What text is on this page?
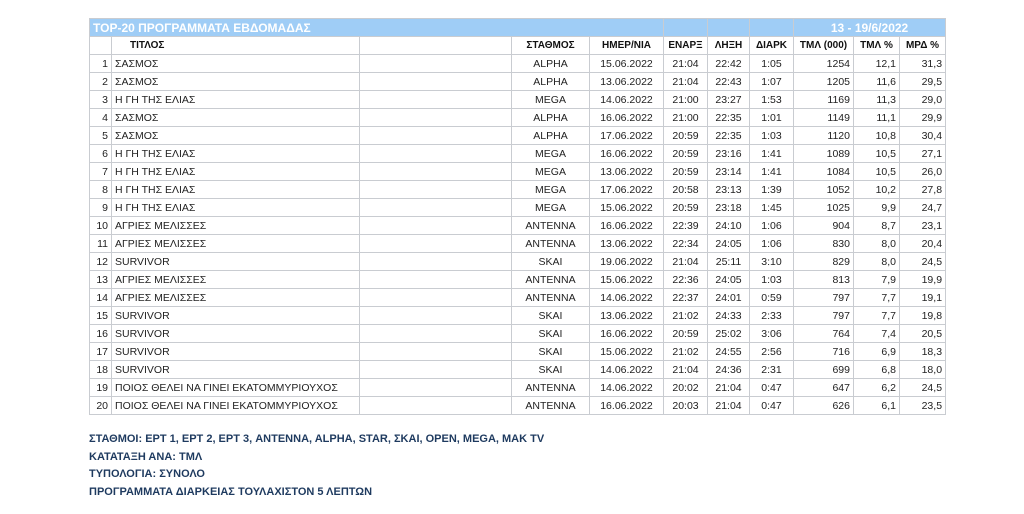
TOP-20 ΠΡΟΓΡΑΜΜΑΤΑ ΕΒΔΟΜΑΔΑΣ								13 - 19/6/2022		
	ΤΙΤΛΟΣ		ΣΤΑΘΜΟΣ	ΗΜΕΡ/ΝΙΑ	ΕΝΑΡΞ	ΛΗΞΗ	ΔΙΑΡΚ	ΤΜΛ (000)	ΤΜΛ %	ΜΡΔ %
1	ΣΑΣΜΟΣ		ALPHA	15.06.2022	21:04	22:42	1:05	1254	12,1	31,3
2	ΣΑΣΜΟΣ		ALPHA	13.06.2022	21:04	22:43	1:07	1205	11,6	29,5
3	Η ΓΗ ΤΗΣ ΕΛΙΑΣ		MEGA	14.06.2022	21:00	23:27	1:53	1169	11,3	29,0
4	ΣΑΣΜΟΣ		ALPHA	16.06.2022	21:00	22:35	1:01	1149	11,1	29,9
5	ΣΑΣΜΟΣ		ALPHA	17.06.2022	20:59	22:35	1:03	1120	10,8	30,4
6	Η ΓΗ ΤΗΣ ΕΛΙΑΣ		MEGA	16.06.2022	20:59	23:16	1:41	1089	10,5	27,1
7	Η ΓΗ ΤΗΣ ΕΛΙΑΣ		MEGA	13.06.2022	20:59	23:14	1:41	1084	10,5	26,0
8	Η ΓΗ ΤΗΣ ΕΛΙΑΣ		MEGA	17.06.2022	20:58	23:13	1:39	1052	10,2	27,8
9	Η ΓΗ ΤΗΣ ΕΛΙΑΣ		MEGA	15.06.2022	20:59	23:18	1:45	1025	9,9	24,7
10	ΑΓΡΙΕΣ ΜΕΛΙΣΣΕΣ		ANTENNA	16.06.2022	22:39	24:10	1:06	904	8,7	23,1
11	ΑΓΡΙΕΣ ΜΕΛΙΣΣΕΣ		ANTENNA	13.06.2022	22:34	24:05	1:06	830	8,0	20,4
12	SURVIVOR		SKAI	19.06.2022	21:04	25:11	3:10	829	8,0	24,5
13	ΑΓΡΙΕΣ ΜΕΛΙΣΣΕΣ		ANTENNA	15.06.2022	22:36	24:05	1:03	813	7,9	19,9
14	ΑΓΡΙΕΣ ΜΕΛΙΣΣΕΣ		ANTENNA	14.06.2022	22:37	24:01	0:59	797	7,7	19,1
15	SURVIVOR		SKAI	13.06.2022	21:02	24:33	2:33	797	7,7	19,8
16	SURVIVOR		SKAI	16.06.2022	20:59	25:02	3:06	764	7,4	20,5
17	SURVIVOR		SKAI	15.06.2022	21:02	24:55	2:56	716	6,9	18,3
18	SURVIVOR		SKAI	14.06.2022	21:04	24:36	2:31	699	6,8	18,0
19	ΠΟΙΟΣ ΘΕΛΕΙ ΝΑ ΓΙΝΕΙ ΕΚΑΤΟΜΜΥΡΙΟΥΧΟΣ		ANTENNA	14.06.2022	20:02	21:04	0:47	647	6,2	24,5
20	ΠΟΙΟΣ ΘΕΛΕΙ ΝΑ ΓΙΝΕΙ ΕΚΑΤΟΜΜΥΡΙΟΥΧΟΣ		ANTENNA	16.06.2022	20:03	21:04	0:47	626	6,1	23,5
ΣΤΑΘΜΟΙ: ΕΡΤ 1, ΕΡΤ 2, ΕΡΤ 3, ANTENNA, ALPHA, STAR, ΣΚΑΙ, OPEN, MEGA, MAK TV
ΚΑΤΑΤΑΞΗ ΑΝΑ: ΤΜΛ
ΤΥΠΟΛΟΓΙΑ: ΣΥΝΟΛΟ
ΠΡΟΓΡΑΜΜΑΤΑ ΔΙΑΡΚΕΙΑΣ ΤΟΥΛΑΧΙΣΤΟΝ 5 ΛΕΠΤΩΝ
